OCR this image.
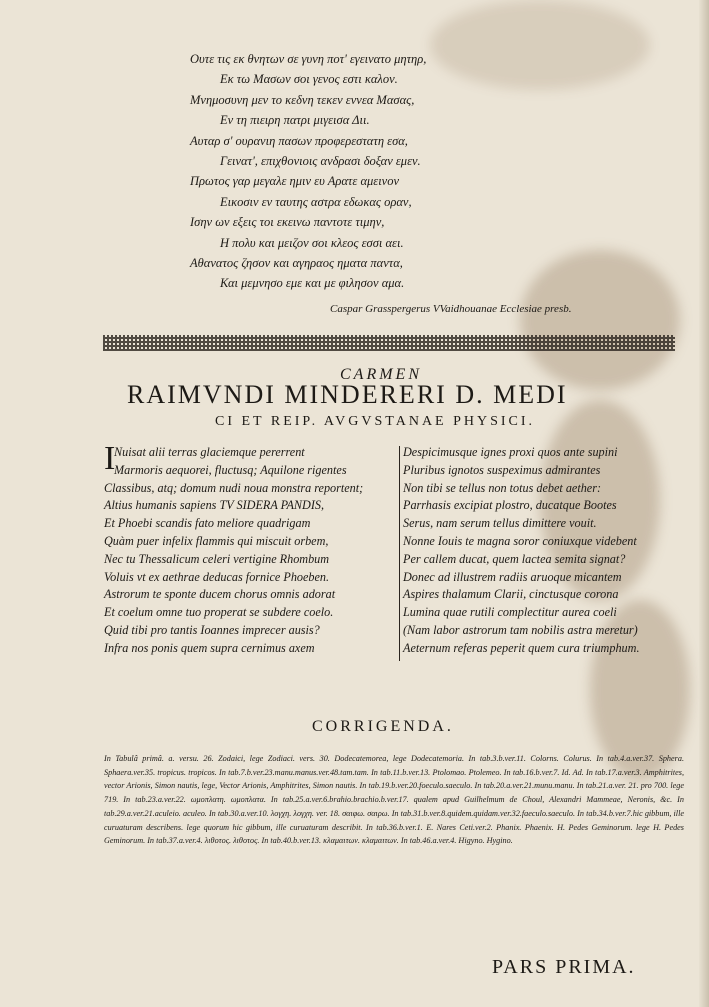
Ουτε τις εκ θνητων σε γυνη ποτ' εγεινατο μητηρ,
Εκ τω Μασων σοι γενος εστι καλον.
Μνημοσυνη μεν το κεδνη τεκεν εννεα Μασας,
Εν τη πιειρη πατρι μιγεισα Διι.
Αυταρ σ' ουρανιη πασων προφερεστατη εσα,
Γεινατ', επιχθονιοις ανδρασι δοξαν εμεν.
Πρωτος γαρ μεγαλε ημιν ευ Αρατε αμεινον
Εικοσιν εν ταυτης αστρα εδωκας οραν,
Ισην ων εξεις τοι εκεινω παντοτε τιμην,
Η πολυ και μειζον σοι κλεος εσσι αει.
Αθανατος ζησον και αγηραος ηματα παντα,
Και μεμνησο εμε και με φιλησον αμα.
Caspar Grasspergerus VVaidhouanae Ecclesiae presb.
CARMEN
RAIMVNDI MINDERERI D. MEDI
CI ET REIP. AVGVSTANAE PHYSICI.
I
Nuisat alii terras glaciemque pererrent
Marmoris aequorei, fluctusq; Aquilone rigentes
Classibus, atq; domum nudi noua monstra reportent;
Altius humanis sapiens TV SIDERA PANDIS,
Et Phoebi scandis fato meliore quadrigam
Quàm puer infelix flammis qui miscuit orbem,
Nec tu Thessalicum celeri vertigine Rhombum
Voluis vt ex aethrae deducas fornice Phoeben.
Astrorum te sponte ducem chorus omnis adorat
Et coelum omne tuo properat se subdere coelo.
Quid tibi pro tantis Ioannes imprecer ausis?
Infra nos ponis quem supra cernimus axem
Despicimusque ignes proxi quos ante supini
Pluribus ignotos suspeximus admirantes
Non tibi se tellus non totus debet aether:
Parrhasis excipiat plostro, ducatque Bootes
Serus, nam serum tellus dimittere vouit.
Nonne Iouis te magna soror coniuxque videbent
Per callem ducat, quem lactea semita signat?
Donec ad illustrem radiis aruoque micantem
Aspires thalamum Clarii, cinctusque corona
Lumina quae rutili complectitur aurea coeli
(Nam labor astrorum tam nobilis astra meretur)
Aeternum referas peperit quem cura triumphum.
CORRIGENDA.
In Tabulâ primâ. a. versu. 26. Zodaici, lege Zodiaci. vers. 30. Dodecatemorea, lege Dodecatemoria. In tab.3.b.ver.11. Colorns. Colurus. In tab.4.a.ver.37. Sphera. Sphaera.ver.35. tropicus. tropicos. In tab.7.b.ver.23.manu.manus.ver.48.tam.tam. In tab.11.b.ver.13. Ptolomao. Ptolemeo. In tab.16.b.ver.7. Id. Ad. In tab.17.a.ver.3. Amphitrites, vector Arionis, Simon nautis, lege, Vector Arionis, Amphitrites, Simon nautis. In tab.19.b.ver.20.foeculo.saeculo. In tab.20.a.ver.21.munu.manu. In tab.21.a.ver. 21. pro 700. lege 719. In tab.23.a.ver.22. ωμοπλατη. ωμοπλατα. In tab.25.a.ver.6.brahio.brachio.b.ver.17. qualem apud Guilhelmum de Choul, Alexandri Mammeae, Neronis, &c. In tab.29.a.ver.21.aculeio. aculeo. In tab.30.a.ver.10. λογχη. λογχη. ver. 18. σαιφω. σαιρω. In tab.31.b.ver.8.quidem.quidam.ver.32.faeculo.saeculo. In tab.34.b.ver.7.hic gibbum, ille curuaturam describens. lege quorum hic gibbum, ille curuaturam describit. In tab.36.b.ver.1. E. Nares Ceti.ver.2. Phanix. Phaenix. H. Pedes Geminorum. lege H. Pedes Geminorum. In tab.37.a.ver.4. λιθοτος. λιθοτος. In tab.40.b.ver.13. κλαμαιτων. κλαμαιτων. In tab.46.a.ver.4. Higyno. Hygino.
PARS PRIMA.
